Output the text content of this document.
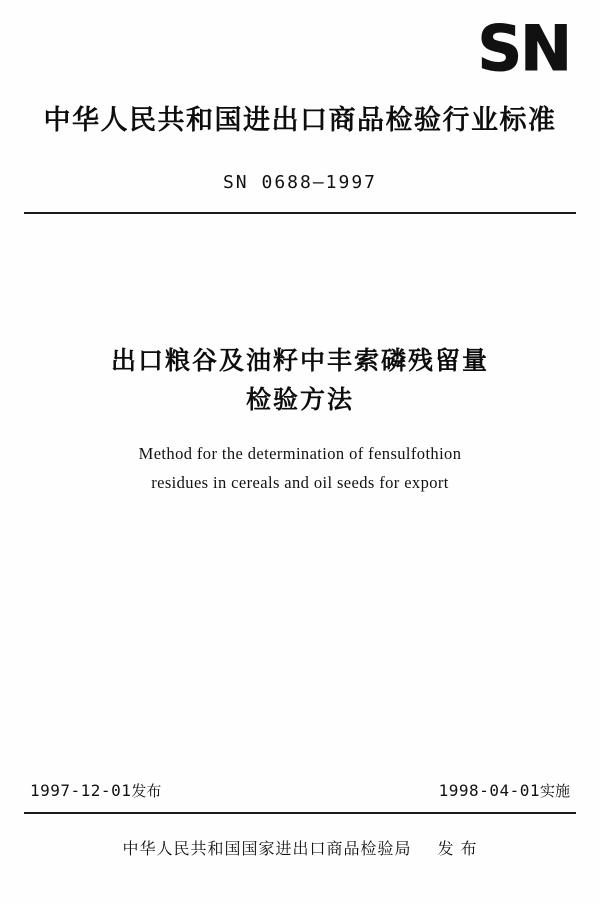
SN
中华人民共和国进出口商品检验行业标准
SN 0688—1997
出口粮谷及油籽中丰索磷残留量
检验方法
Method for the determination of fensulfothion
residues in cereals and oil seeds for export
1997-12-01发布	1998-04-01实施
中华人民共和国国家进出口商品检验局 发 布
